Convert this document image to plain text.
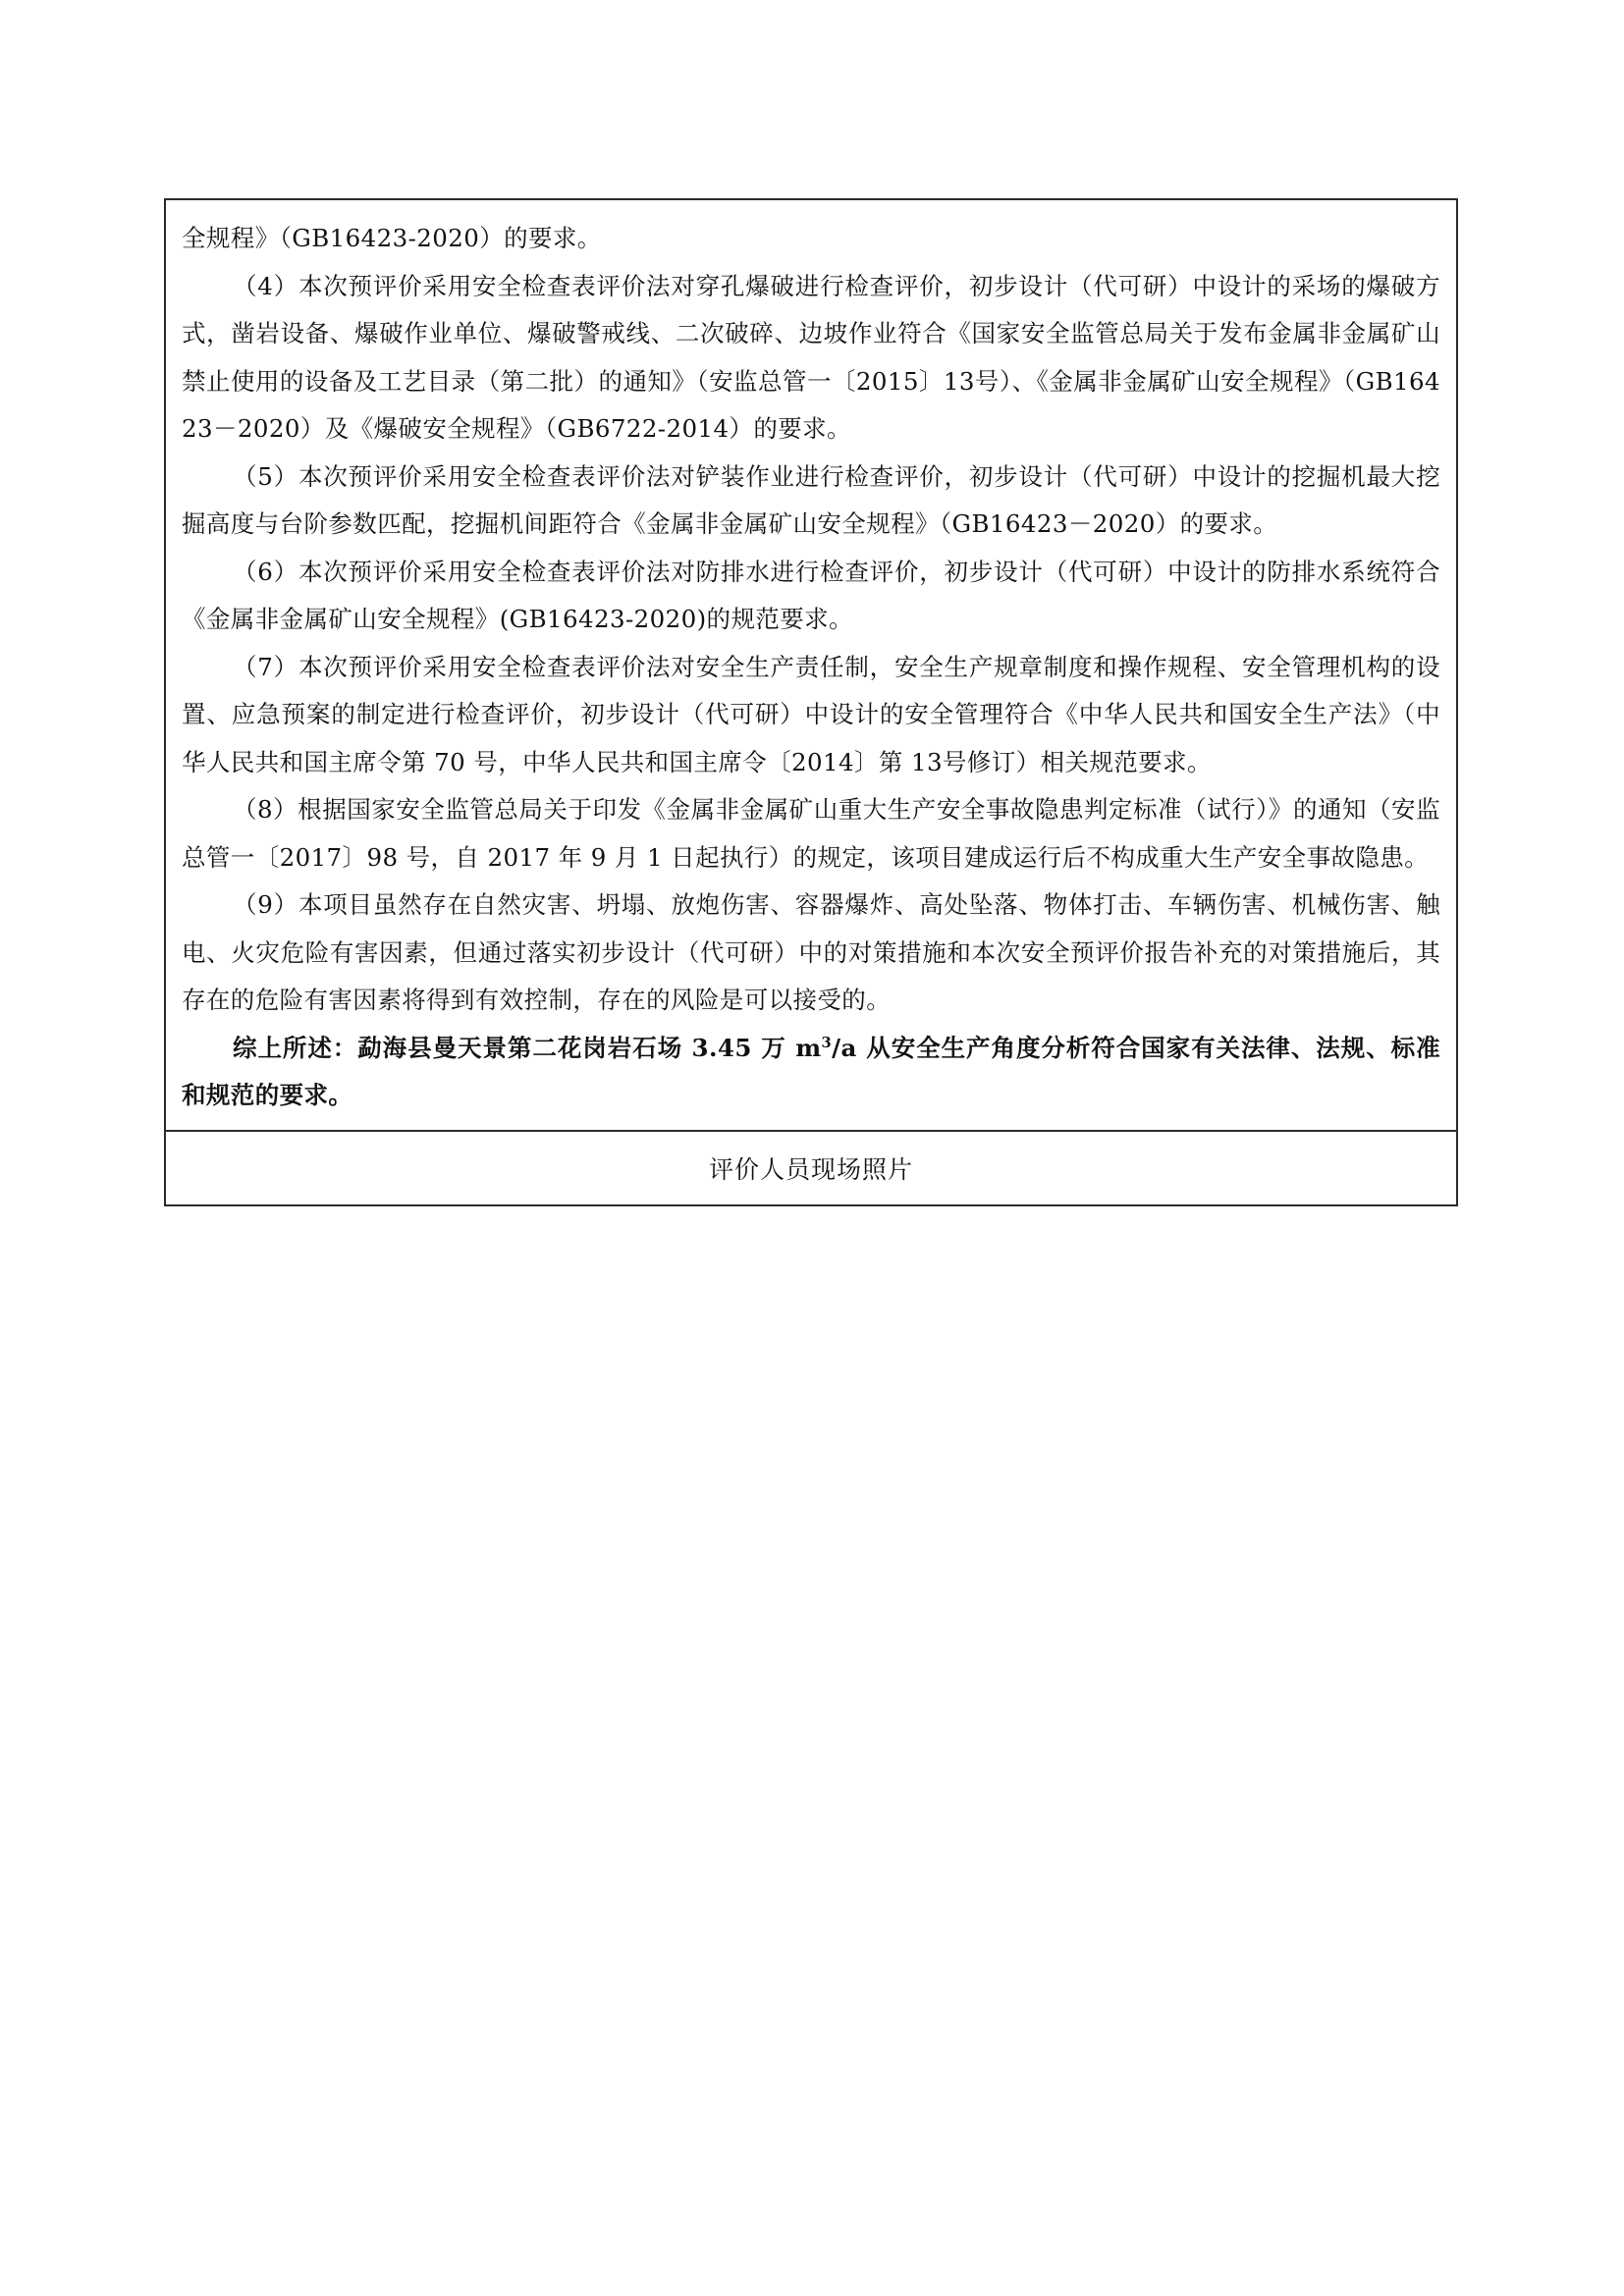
全规程》（GB16423-2020）的要求。

（4）本次预评价采用安全检查表评价法对穿孔爆破进行检查评价，初步设计（代可研）中设计的采场的爆破方式，凿岩设备、爆破作业单位、爆破警戒线、二次破碎、边坡作业符合《国家安全监管总局关于发布金属非金属矿山禁止使用的设备及工艺目录（第二批）的通知》（安监总管一〔2015〕13号）、《金属非金属矿山安全规程》（GB16423－2020）及《爆破安全规程》（GB6722-2014）的要求。

（5）本次预评价采用安全检查表评价法对铲装作业进行检查评价，初步设计（代可研）中设计的挖掘机最大挖掘高度与台阶参数匹配，挖掘机间距符合《金属非金属矿山安全规程》（GB16423－2020）的要求。

（6）本次预评价采用安全检查表评价法对防排水进行检查评价，初步设计（代可研）中设计的防排水系统符合《金属非金属矿山安全规程》(GB16423-2020)的规范要求。

（7）本次预评价采用安全检查表评价法对安全生产责任制，安全生产规章制度和操作规程、安全管理机构的设置、应急预案的制定进行检查评价，初步设计（代可研）中设计的安全管理符合《中华人民共和国安全生产法》（中华人民共和国主席令第 70 号，中华人民共和国主席令〔2014〕第 13号修订）相关规范要求。

（8）根据国家安全监管总局关于印发《金属非金属矿山重大生产安全事故隐患判定标准（试行）》的通知（安监总管一〔2017〕98 号，自 2017 年 9 月 1 日起执行）的规定，该项目建成运行后不构成重大生产安全事故隐患。

（9）本项目虽然存在自然灾害、坍塌、放炮伤害、容器爆炸、高处坠落、物体打击、车辆伤害、机械伤害、触电、火灾危险有害因素，但通过落实初步设计（代可研）中的对策措施和本次安全预评价报告补充的对策措施后，其存在的危险有害因素将得到有效控制，存在的风险是可以接受的。

综上所述：勐海县曼天景第二花岗岩石场 3.45 万 $m^3/a$ 从安全生产角度分析符合国家有关法律、法规、标准和规范的要求。

评价人员现场照片
